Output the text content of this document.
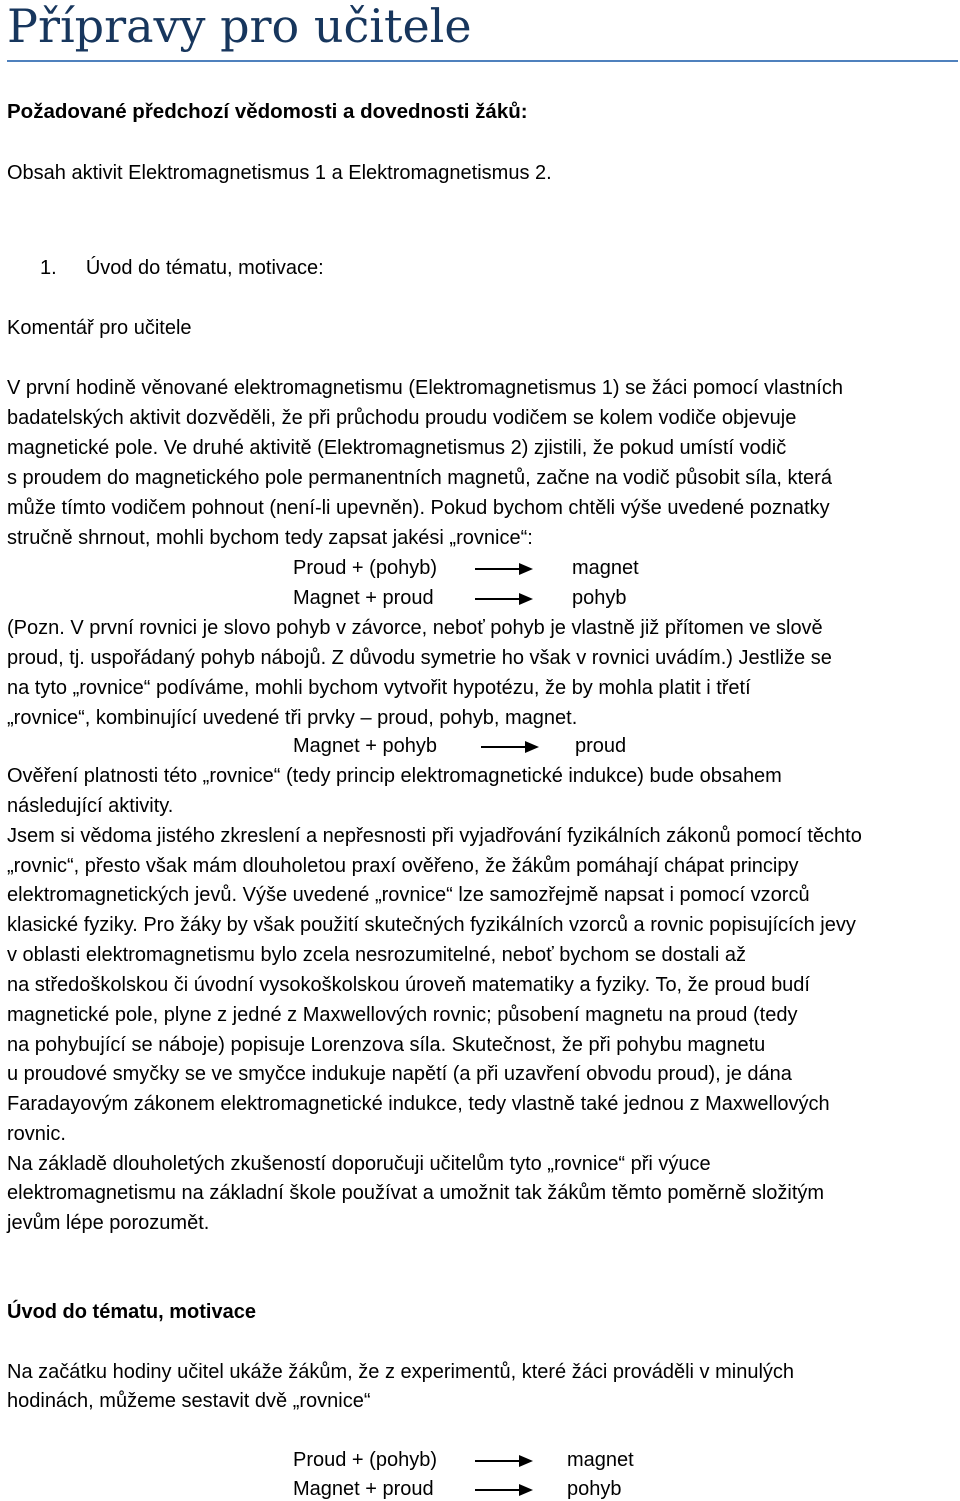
Přípravy pro učitele
Požadované předchozí vědomosti a dovednosti žáků:
Obsah aktivit Elektromagnetismus 1 a Elektromagnetismus 2.
1. Úvod do tématu, motivace:
Komentář pro učitele
V první hodině věnované elektromagnetismu (Elektromagnetismus 1) se žáci pomocí vlastních
badatelských aktivit dozvěděli, že při průchodu proudu vodičem se kolem vodiče objevuje
magnetické pole. Ve druhé aktivitě (Elektromagnetismus 2) zjistili, že pokud umístí vodič
s proudem do magnetického pole permanentních magnetů, začne na vodič působit síla, která
může tímto vodičem pohnout (není-li upevněn). Pokud bychom chtěli výše uvedené poznatky
stručně shrnout, mohli bychom tedy zapsat jakési „rovnice“:
Proud + (pohyb)	magnet
Magnet + proud	pohyb
(Pozn. V první rovnici je slovo pohyb v závorce, neboť pohyb je vlastně již přítomen ve slově
proud, tj. uspořádaný pohyb nábojů. Z důvodu symetrie ho však v rovnici uvádím.) Jestliže se
na tyto „rovnice“ podíváme, mohli bychom vytvořit hypotézu, že by mohla platit i třetí
„rovnice“, kombinující uvedené tři prvky – proud, pohyb, magnet.
Magnet + pohyb	proud
Ověření platnosti této „rovnice“ (tedy princip elektromagnetické indukce) bude obsahem
následující aktivity.
Jsem si vědoma jistého zkreslení a nepřesnosti při vyjadřování fyzikálních zákonů pomocí těchto
„rovnic“, přesto však mám dlouholetou praxí ověřeno, že žákům pomáhají chápat principy
elektromagnetických jevů. Výše uvedené „rovnice“ lze samozřejmě napsat i pomocí vzorců
klasické fyziky. Pro žáky by však použití skutečných fyzikálních vzorců a rovnic popisujících jevy
v oblasti elektromagnetismu bylo zcela nesrozumitelné, neboť bychom se dostali až
na středoškolskou či úvodní vysokoškolskou úroveň matematiky a fyziky. To, že proud budí
magnetické pole, plyne z jedné z Maxwellových rovnic; působení magnetu na proud (tedy
na pohybující se náboje) popisuje Lorenzova síla. Skutečnost, že při pohybu magnetu
u proudové smyčky se ve smyčce indukuje napětí (a při uzavření obvodu proud), je dána
Faradayovým zákonem elektromagnetické indukce, tedy vlastně také jednou z Maxwellových
rovnic.
Na základě dlouholetých zkušeností doporučuji učitelům tyto „rovnice“ při výuce
elektromagnetismu na základní škole používat a umožnit tak žákům těmto poměrně složitým
jevům lépe porozumět.
Úvod do tématu, motivace
Na začátku hodiny učitel ukáže žákům, že z experimentů, které žáci prováděli v minulých
hodinách, můžeme sestavit dvě „rovnice“
Proud + (pohyb)	magnet
Magnet + proud	pohyb
